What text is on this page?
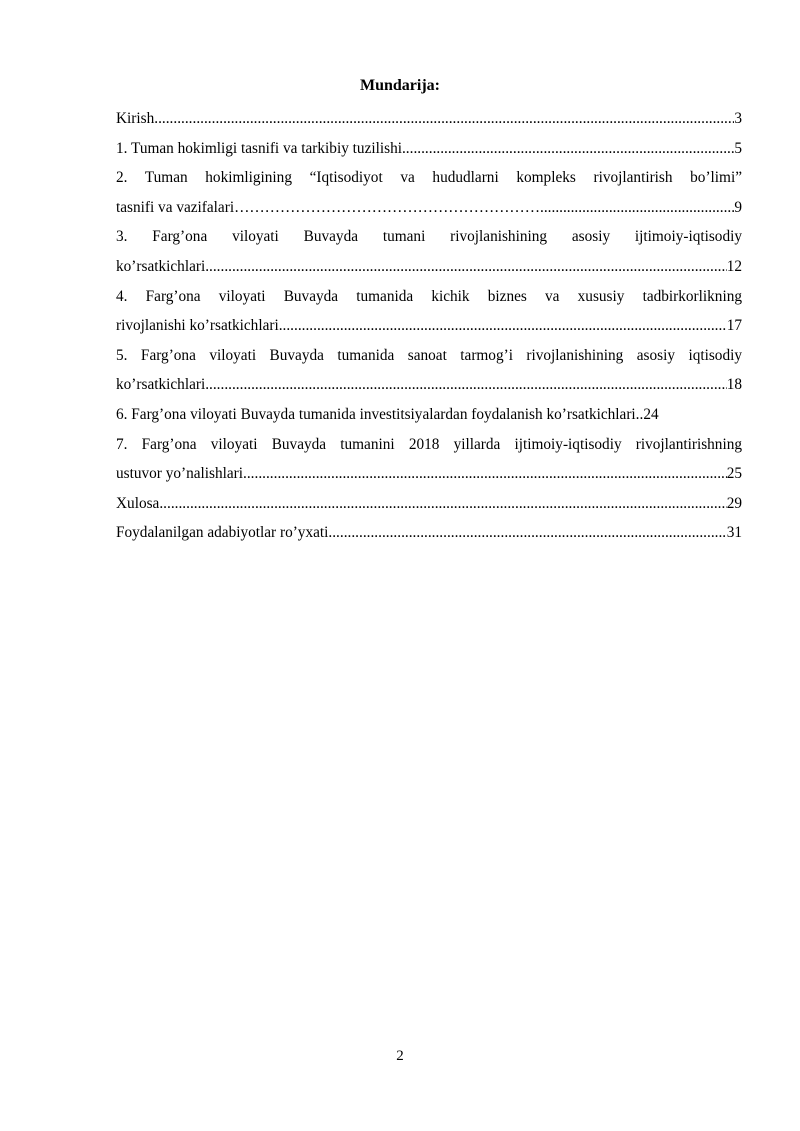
Mundarija:
Kirish .....	3
1. Tuman hokimligi tasnifi va tarkibiy tuzilishi .....	5
2. Tuman hokimligining “Iqtisodiyot va hududlarni kompleks rivojlantirish bo’limi”
tasnifi va vazifalari …………………………………………………… .....	9
3. Farg’ona viloyati Buvayda tumani rivojlanishining asosiy ijtimoiy-iqtisodiy
ko’rsatkichlari .....	12
4. Farg’ona viloyati Buvayda tumanida kichik biznes va xususiy tadbirkorlikning
rivojlanishi ko’rsatkichlari .....	17
5. Farg’ona viloyati Buvayda tumanida sanoat tarmog’i rivojlanishining asosiy iqtisodiy
ko’rsatkichlari .....	18
6. Farg’ona viloyati Buvayda tumanida investitsiyalardan foydalanish ko’rsatkichlari.. 24
7. Farg’ona viloyati Buvayda tumanini 2018 yillarda ijtimoiy-iqtisodiy rivojlantirishning
ustuvor yo’nalishlari .....	25
Xulosa .....	29
Foydalanilgan adabiyotlar ro’yxati .....	31
2
